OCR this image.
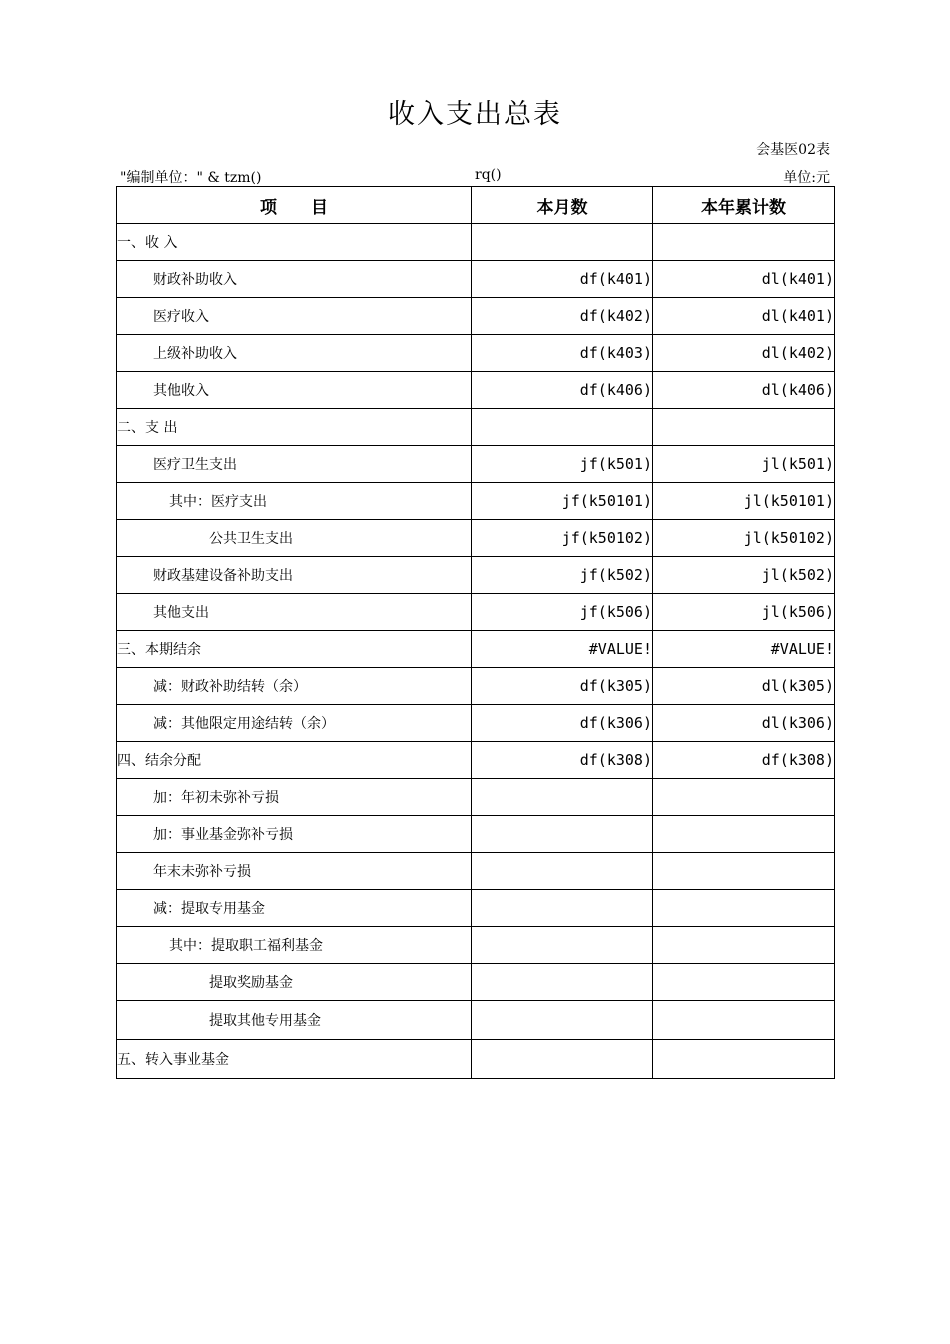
收入支出总表
会基医02表
"编制单位：" & tzm()	rq()	单位:元
项　　目	本月数	本年累计数
一、收 入		
财政补助收入	df(k401)	dl(k401)
医疗收入	df(k402)	dl(k401)
上级补助收入	df(k403)	dl(k402)
其他收入	df(k406)	dl(k406)
二、支 出		
医疗卫生支出	jf(k501)	jl(k501)
其中：医疗支出	jf(k50101)	jl(k50101)
公共卫生支出	jf(k50102)	jl(k50102)
财政基建设备补助支出	jf(k502)	jl(k502)
其他支出	jf(k506)	jl(k506)
三、本期结余	#VALUE!	#VALUE!
减：财政补助结转（余）	df(k305)	dl(k305)
减：其他限定用途结转（余）	df(k306)	dl(k306)
四、结余分配	df(k308)	df(k308)
加：年初未弥补亏损		
加：事业基金弥补亏损		
年末未弥补亏损		
减：提取专用基金		
其中：提取职工福利基金		
提取奖励基金		
提取其他专用基金		
五、转入事业基金		
